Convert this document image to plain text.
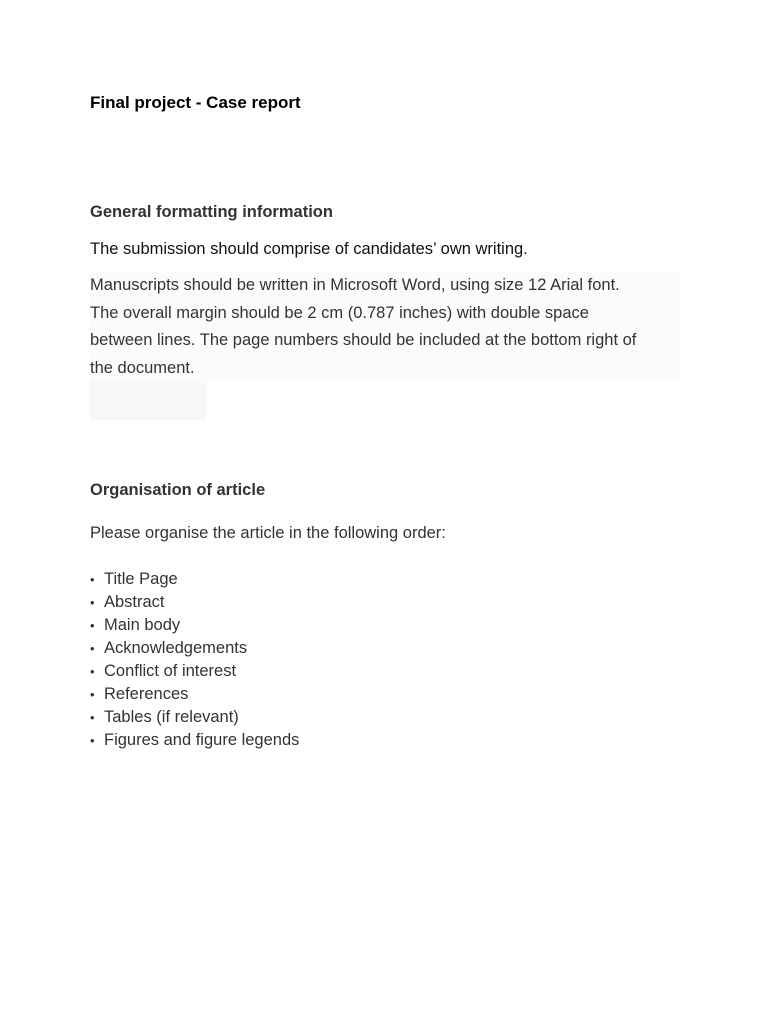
Final project - Case report
General formatting information

The submission should comprise of candidates’ own writing.

Manuscripts should be written in Microsoft Word, using size 12 Arial font.
The overall margin should be 2 cm (0.787 inches) with double space
between lines. The page numbers should be included at the bottom right of
the document.

Organisation of article

Please organise the article in the following order:

• Title Page
• Abstract
• Main body
• Acknowledgements
• Conflict of interest
• References
• Tables (if relevant)
• Figures and figure legends
